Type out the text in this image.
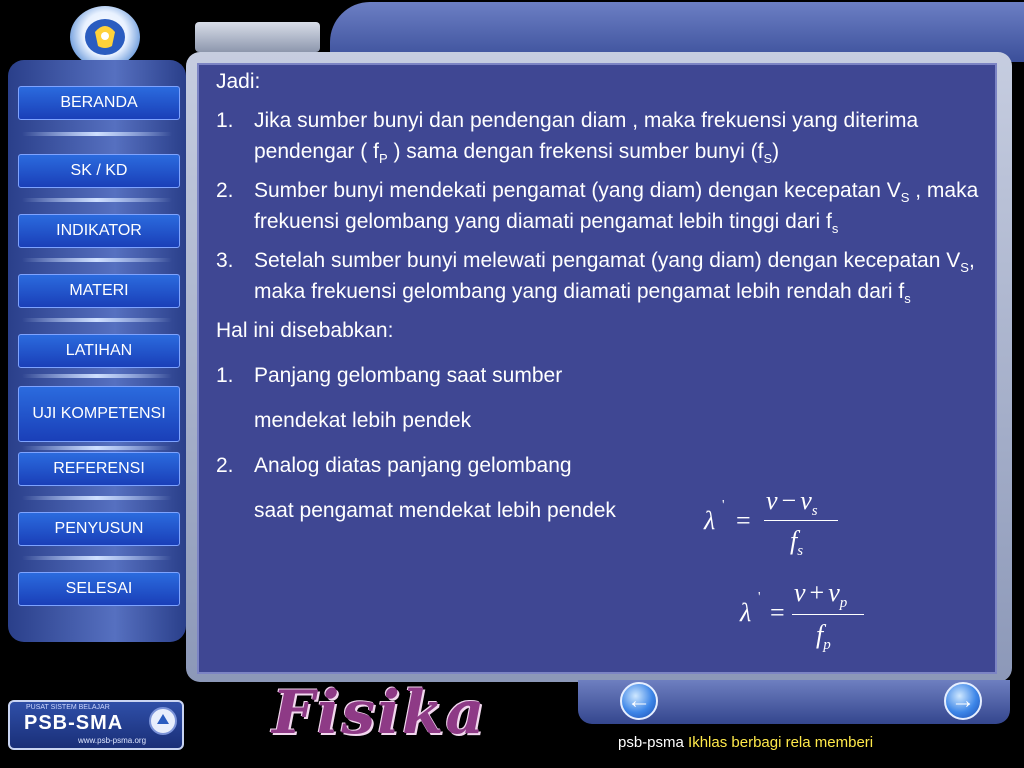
BERANDA
SK / KD
INDIKATOR
MATERI
LATIHAN
UJI KOMPETENSI
REFERENSI
PENYUSUN
SELESAI

Jadi:

1. Jika sumber bunyi dan pendengan diam , maka frekuensi yang diterima pendengar ( $f_P$ ) sama dengan frekensi sumber bunyi $(f_S)$
2. Sumber bunyi mendekati pengamat (yang diam) dengan kecepatan $V_S$ , maka frekuensi gelombang yang diamati pengamat lebih tinggi dari $f_s$
3. Setelah sumber bunyi melewati pengamat (yang diam) dengan kecepatan $V_S$, maka frekuensi gelombang yang diamati pengamat lebih rendah dari $f_s$

Hal ini disebabkan:

1. Panjang gelombang saat sumber
mendekat lebih pendek
2. Analog diatas panjang gelombang
saat pengamat mendekat lebih pendek	λ
'
=
$v - v_s$
$f_s$
λ
'
=
$v + v_p$
$f_p$
←	→
PUSAT SISTEM BELAJAR
PSB-SMA
www.psb-psma.org Fisika	psb-psma Ikhlas berbagi rela memberi
